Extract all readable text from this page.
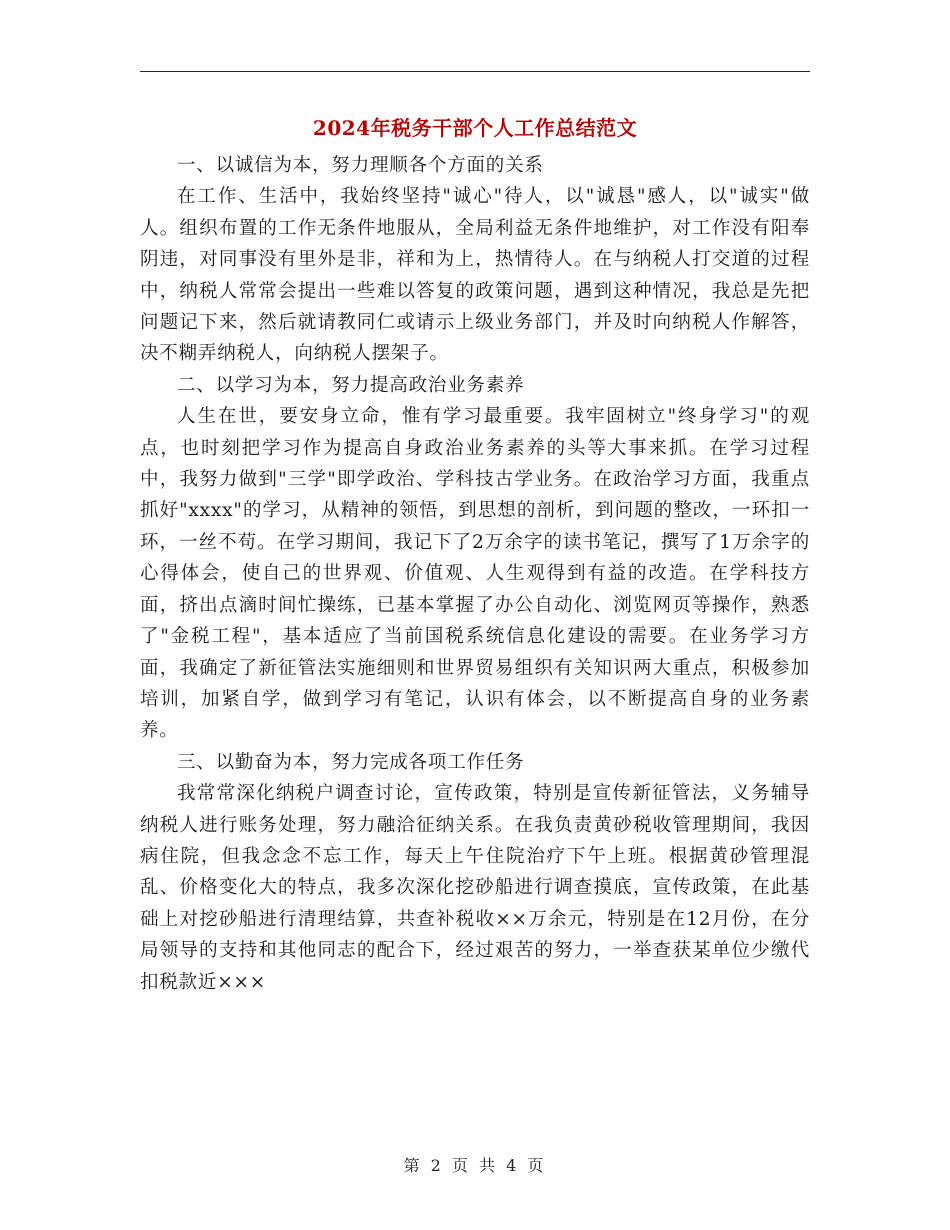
2024年税务干部个人工作总结范文

一、以诚信为本，努力理顺各个方面的关系

在工作、生活中，我始终坚持"诚心"待人，以"诚恳"感人，以"诚实"做人。组织布置的工作无条件地服从，全局利益无条件地维护，对工作没有阳奉阴违，对同事没有里外是非，祥和为上，热情待人。在与纳税人打交道的过程中，纳税人常常会提出一些难以答复的政策问题，遇到这种情况，我总是先把问题记下来，然后就请教同仁或请示上级业务部门，并及时向纳税人作解答，决不糊弄纳税人，向纳税人摆架子。

二、以学习为本，努力提高政治业务素养

人生在世，要安身立命，惟有学习最重要。我牢固树立"终身学习"的观点，也时刻把学习作为提高自身政治业务素养的头等大事来抓。在学习过程中，我努力做到"三学"即学政治、学科技古学业务。在政治学习方面，我重点抓好"xxxx"的学习，从精神的领悟，到思想的剖析，到问题的整改，一环扣一环，一丝不苟。在学习期间，我记下了2万余字的读书笔记，撰写了1万余字的心得体会，使自己的世界观、价值观、人生观得到有益的改造。在学科技方面，挤出点滴时间忙操练，已基本掌握了办公自动化、浏览网页等操作，熟悉了"金税工程"，基本适应了当前国税系统信息化建设的需要。在业务学习方面，我确定了新征管法实施细则和世界贸易组织有关知识两大重点，积极参加培训，加紧自学，做到学习有笔记，认识有体会，以不断提高自身的业务素养。

三、以勤奋为本，努力完成各项工作任务

我常常深化纳税户调查讨论，宣传政策，特别是宣传新征管法，义务辅导纳税人进行账务处理，努力融洽征纳关系。在我负责黄砂税收管理期间，我因病住院，但我念念不忘工作，每天上午住院治疗下午上班。根据黄砂管理混乱、价格变化大的特点，我多次深化挖砂船进行调查摸底，宣传政策，在此基础上对挖砂船进行清理结算，共查补税收××万余元，特别是在12月份，在分局领导的支持和其他同志的配合下，经过艰苦的努力，一举查获某单位少缴代扣税款近×××

第 2 页 共 4 页
